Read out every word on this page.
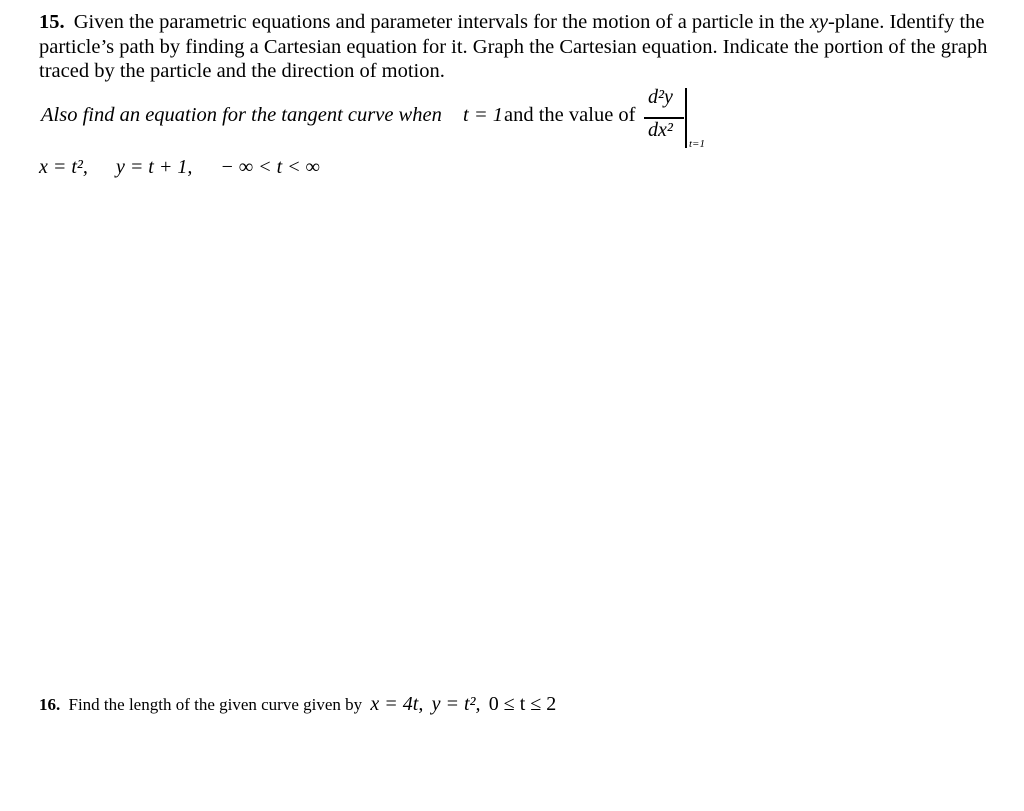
15. Given the parametric equations and parameter intervals for the motion of a particle in the xy-plane. Identify the particle’s path by finding a Cartesian equation for it. Graph the Cartesian equation. Indicate the portion of the graph traced by the particle and the direction of motion.

Also find an equation for the tangent curve when t = 1 and the value of
d²y
dx²
t=1
x = t², y = t + 1, − ∞ < t < ∞
16. Find the length of the given curve given by x = 4t, y = t², 0 ≤ t ≤ 2
